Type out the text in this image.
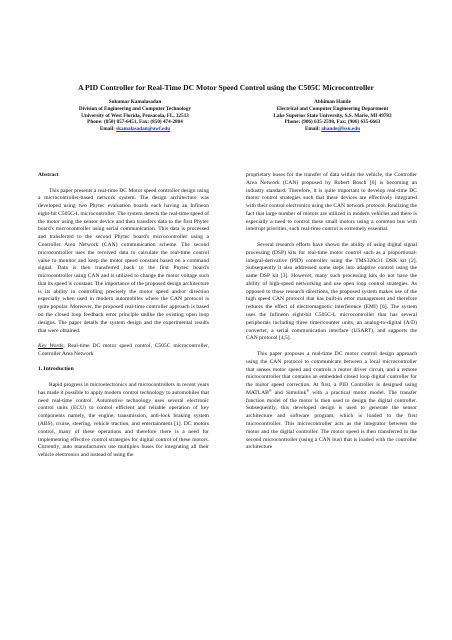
A PID Controller for Real-Time DC Motor Speed Control using the C505C Microcontroller
Sukumar Kamalasadan
Division of Engineering and Computer Technology
University of West Florida, Pensacola, FL, 32513
Phone: (850) 857-6451, Fax: (850) 474-2804
Email: skamalasadan@uwf.edu
Abhiman Hande
Electrical and Computer Engineering Department
Lake Superior State University, S.S. Marie, MI 49783
Phone: (906) 635-2598, Fax: (906) 635-6663
Email: ahande@lssu.edu

Abstract

This paper presents a real-time DC Motor speed controller design using a microcontroller-based network system. The design architecture was developed using two Phytec evaluation boards each having an Infineon eight-bit C505C-L microcontroller. The system detects the real-time speed of the motor using the sensor device and then transfers data to the first Phytec board's microcontroller using serial communication. This data is processed and transferred to the second Phytec board's microcontroller using a Controller Area Network (CAN) communication scheme. The second microcontroller uses the received data to calculate the real-time control value to monitor and keep the motor speed constant based on a command signal. Data is then transferred back to the first Phytec board's microcontroller using CAN and is utilized to change the motor voltage such that its speed is constant. The importance of the proposed design architecture is its ability in controlling precisely the motor speed and/or direction especially when used in modern automobiles where the CAN protocol is quite popular. Moreover, the proposed real-time controller approach is based on the closed loop feedback error principle unlike the existing open loop designs. The paper details the system design and the experimental results that were obtained.

Key Words: Real-time DC motor speed control, C505C microcontroller, Controller Area Network

1. Introduction

Rapid progress in microelectronics and microcontrollers in recent years has made it possible to apply modern control technology to automobiles that need real-time control. Automotive technology uses several electronic control units (ECU) to control efficient and reliable operation of key components namely, the engine, transmission, anti-lock braking system (ABS), cruise, steering, vehicle traction, and entertainment [1]. DC motors control, many of these operations and therefore there is a need for implementing effective control strategies for digital control of these motors. Currently, auto manufacturers use multiplex buses for integrating all their vehicle electronics and instead of using the

proprietary buses for the transfer of data within the vehicle, the Controller Area Network (CAN) proposed by Robert Bosch [6] is becoming an industry standard. Therefore, it is quite important to develop real-time DC motor control strategies such that these devices are effectively integrated with their control electronics using the CAN network protocol. Realizing the fact that large number of motors are utilized in modern vehicles and there is especially a need to control these small motors using a common bus with interrupt priorities, such real-time control is extremely essential.

Several research efforts have shown the ability of using digital signal processing (DSP) kits for real-time motor control such as a proportional-integral-derivative (PID) controller using the TMS320c31 DSK kit [2]. Subsequently it also addressed some steps into adaptive control using the same DSP kit [3]. However, many such processing kits do not have the ability of high-speed networking and use open loop control strategies. As opposed to those research directions, the proposed system makes use of the high speed CAN protocol that has built-in error management and therefore reduces the effect of electromagnetic interference (EMI) [6]. The system uses the Infineon eight-bit C505C-L microcontroller that has several peripherals including three timer/counter units, an analog-to-digital (A/D) converter, a serial communication interface (USART), and supports the CAN protocol [4,5].

This paper proposes a real-time DC motor control design approach using the CAN protocol to communicate between a local microcontroller that senses motor speed and controls a motor driver circuit, and a remote microcontroller that contains an embedded closed loop digital controller for the motor speed correction. At first, a PID Controller is designed using MATLAB® and Simulink® with a practical motor model. The transfer function model of the motor is then used to design the digital controller. Subsequently, this developed design is used to generate the sensor architecture and software program, which is loaded to the first microcontroller. This microcontroller acts as the integrator between the motor and the digital controller. The motor speed is then transferred to the second microcontroller (using a CAN bus) that is loaded with the controller architecture
